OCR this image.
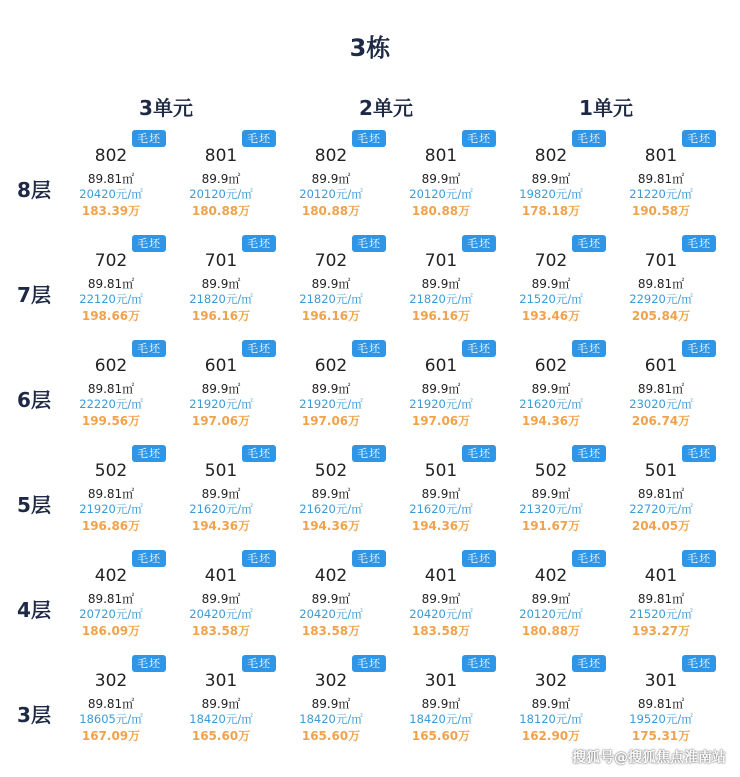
3栋
3单元	2单元	1单元
8层
毛坯
802
89.81㎡
20420元/㎡
183.39万
毛坯
801
89.9㎡
20120元/㎡
180.88万
毛坯
802
89.9㎡
20120元/㎡
180.88万
毛坯
801
89.9㎡
20120元/㎡
180.88万
毛坯
802
89.9㎡
19820元/㎡
178.18万
毛坯
801
89.81㎡
21220元/㎡
190.58万
7层
毛坯
702
89.81㎡
22120元/㎡
198.66万
毛坯
701
89.9㎡
21820元/㎡
196.16万
毛坯
702
89.9㎡
21820元/㎡
196.16万
毛坯
701
89.9㎡
21820元/㎡
196.16万
毛坯
702
89.9㎡
21520元/㎡
193.46万
毛坯
701
89.81㎡
22920元/㎡
205.84万
6层
毛坯
602
89.81㎡
22220元/㎡
199.56万
毛坯
601
89.9㎡
21920元/㎡
197.06万
毛坯
602
89.9㎡
21920元/㎡
197.06万
毛坯
601
89.9㎡
21920元/㎡
197.06万
毛坯
602
89.9㎡
21620元/㎡
194.36万
毛坯
601
89.81㎡
23020元/㎡
206.74万
5层
毛坯
502
89.81㎡
21920元/㎡
196.86万
毛坯
501
89.9㎡
21620元/㎡
194.36万
毛坯
502
89.9㎡
21620元/㎡
194.36万
毛坯
501
89.9㎡
21620元/㎡
194.36万
毛坯
502
89.9㎡
21320元/㎡
191.67万
毛坯
501
89.81㎡
22720元/㎡
204.05万
4层
毛坯
402
89.81㎡
20720元/㎡
186.09万
毛坯
401
89.9㎡
20420元/㎡
183.58万
毛坯
402
89.9㎡
20420元/㎡
183.58万
毛坯
401
89.9㎡
20420元/㎡
183.58万
毛坯
402
89.9㎡
20120元/㎡
180.88万
毛坯
401
89.81㎡
21520元/㎡
193.27万
3层
毛坯
302
89.81㎡
18605元/㎡
167.09万
毛坯
301
89.9㎡
18420元/㎡
165.60万
毛坯
302
89.9㎡
18420元/㎡
165.60万
毛坯
301
89.9㎡
18420元/㎡
165.60万
毛坯
302
89.9㎡
18120元/㎡
162.90万
毛坯
301
89.81㎡
19520元/㎡
175.31万
搜狐号@搜狐焦点淮南站
